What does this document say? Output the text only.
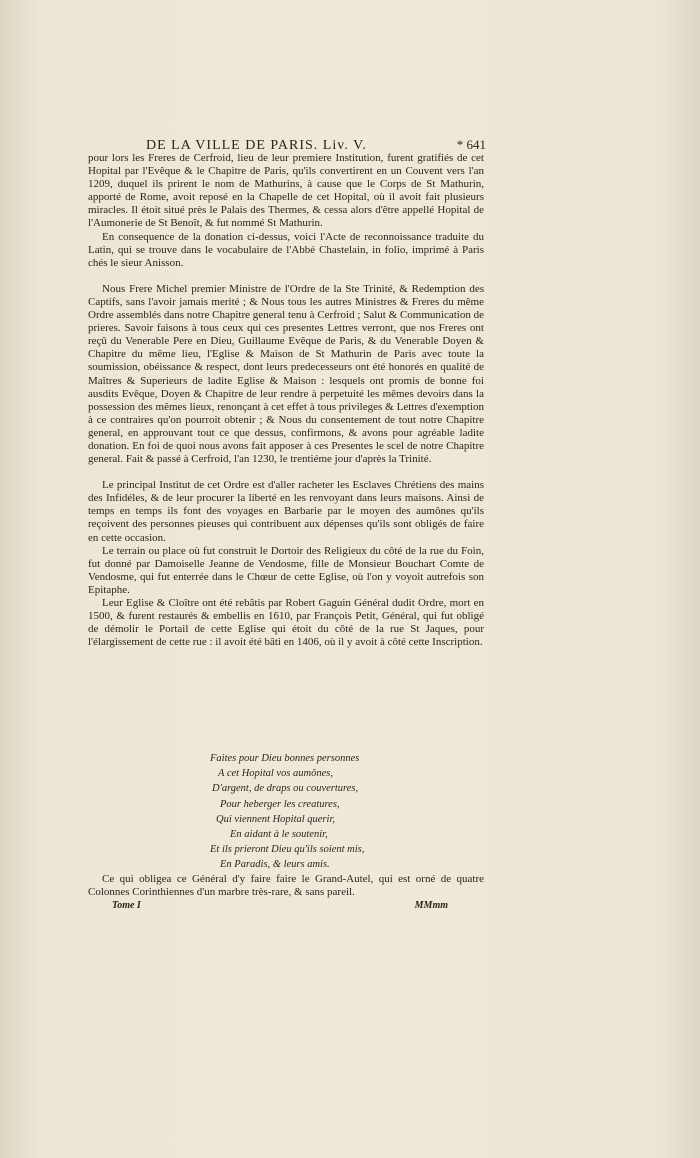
DE LA VILLE DE PARIS. Liv. V.	* 641

pour lors les Freres de Cerfroid, lieu de leur premiere Institution, furent gratifiés de cet Hopital par l'Evêque & le Chapitre de Paris, qu'ils convertirent en un Couvent vers l'an 1209, duquel ils prirent le nom de Mathurins, à cause que le Corps de St Mathurin, apporté de Rome, avoit reposé en la Chapelle de cet Hopital, où il avoit fait plusieurs miracles. Il étoit situé près le Palais des Thermes, & cessa alors d'être appellé Hopital de l'Aumonerie de St Benoît, & fut nommé St Mathurin.

En consequence de la donation ci-dessus, voici l'Acte de reconnoissance traduite du Latin, qui se trouve dans le vocabulaire de l'Abbé Chastelain, in folio, imprimé à Paris chés le sieur Anisson.

Nous Frere Michel premier Ministre de l'Ordre de la Ste Trinité, & Redemption des Captifs, sans l'avoir jamais merité ; & Nous tous les autres Ministres & Freres du même Ordre assemblés dans notre Chapitre general tenu à Cerfroid ; Salut & Communication de prieres. Savoir faisons à tous ceux qui ces presentes Lettres verront, que nos Freres ont reçû du Venerable Pere en Dieu, Guillaume Evêque de Paris, & du Venerable Doyen & Chapitre du même lieu, l'Eglise & Maison de St Mathurin de Paris avec toute la soumission, obéissance & respect, dont leurs predecesseurs ont été honorés en qualité de Maîtres & Superieurs de ladite Eglise & Maison : lesquels ont promis de bonne foi ausdits Evêque, Doyen & Chapitre de leur rendre à perpetuité les mêmes devoirs dans la possession des mêmes lieux, renonçant à cet effet à tous privileges & Lettres d'exemption à ce contraires qu'on pourroit obtenir ; & Nous du consentement de tout notre Chapitre general, en approuvant tout ce que dessus, confirmons, & avons pour agréable ladite donation. En foi de quoi nous avons fait apposer à ces Presentes le scel de notre Chapitre general. Fait & passé à Cerfroid, l'an 1230, le trentiéme jour d'après la Trinité.

Le principal Institut de cet Ordre est d'aller racheter les Esclaves Chrétiens des mains des Infidéles, & de leur procurer la liberté en les renvoyant dans leurs maisons. Ainsi de temps en temps ils font des voyages en Barbarie par le moyen des aumônes qu'ils reçoivent des personnes pieuses qui contribuent aux dépenses qu'ils sont obligés de faire en cette occasion.

Le terrain ou place où fut construit le Dortoir des Religieux du côté de la rue du Foin, fut donné par Damoiselle Jeanne de Vendosme, fille de Monsieur Bouchart Comte de Vendosme, qui fut enterrée dans le Chœur de cette Eglise, où l'on y voyoit autrefois son Epitaphe.

Leur Eglise & Cloître ont été rebâtis par Robert Gaguin Général dudit Ordre, mort en 1500, & furent restaurés & embellis en 1610, par François Petit, Général, qui fut obligé de démolir le Portail de cette Eglise qui étoit du côté de la rue St Jaques, pour l'élargissement de cette rue : il avoit été bâti en 1406, où il y avoit à côté cette Inscription.

Faites pour Dieu bonnes personnes
A cet Hopital vos aumônes,
D'argent, de draps ou couvertures,
Pour heberger les creatures,
Qui viennent Hopital querir,
En aidant à le soutenir,
Et ils prieront Dieu qu'ils soient mis,
En Paradis, & leurs amis.

Ce qui obligea ce Général d'y faire faire le Grand-Autel, qui est orné de quatre Colonnes Corinthiennes d'un marbre très-rare, & sans pareil.

Tome I	MMmm
